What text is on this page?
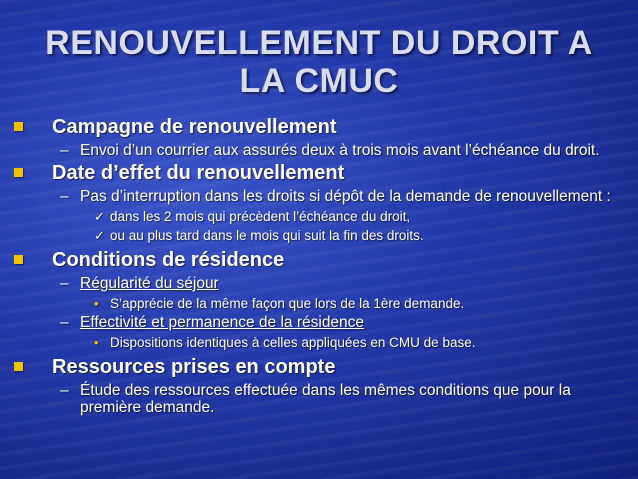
RENOUVELLEMENT DU DROIT A
LA CMUC
Campagne de renouvellement
– Envoi d’un courrier aux assurés deux à trois mois avant l’échéance du droit.
Date d’effet du renouvellement
– Pas d’interruption dans les droits si dépôt de la demande de renouvellement :
✓ dans les 2 mois qui précèdent l’échéance du droit,
✓ ou au plus tard dans le mois qui suit la fin des droits.
Conditions de résidence
– Régularité du séjour
• S’apprécie de la même façon que lors de la 1ère demande.
– Effectivité et permanence de la résidence
• Dispositions identiques à celles appliquées en CMU de base.
Ressources prises en compte
– Étude des ressources effectuée dans les mêmes conditions que pour la première demande.
